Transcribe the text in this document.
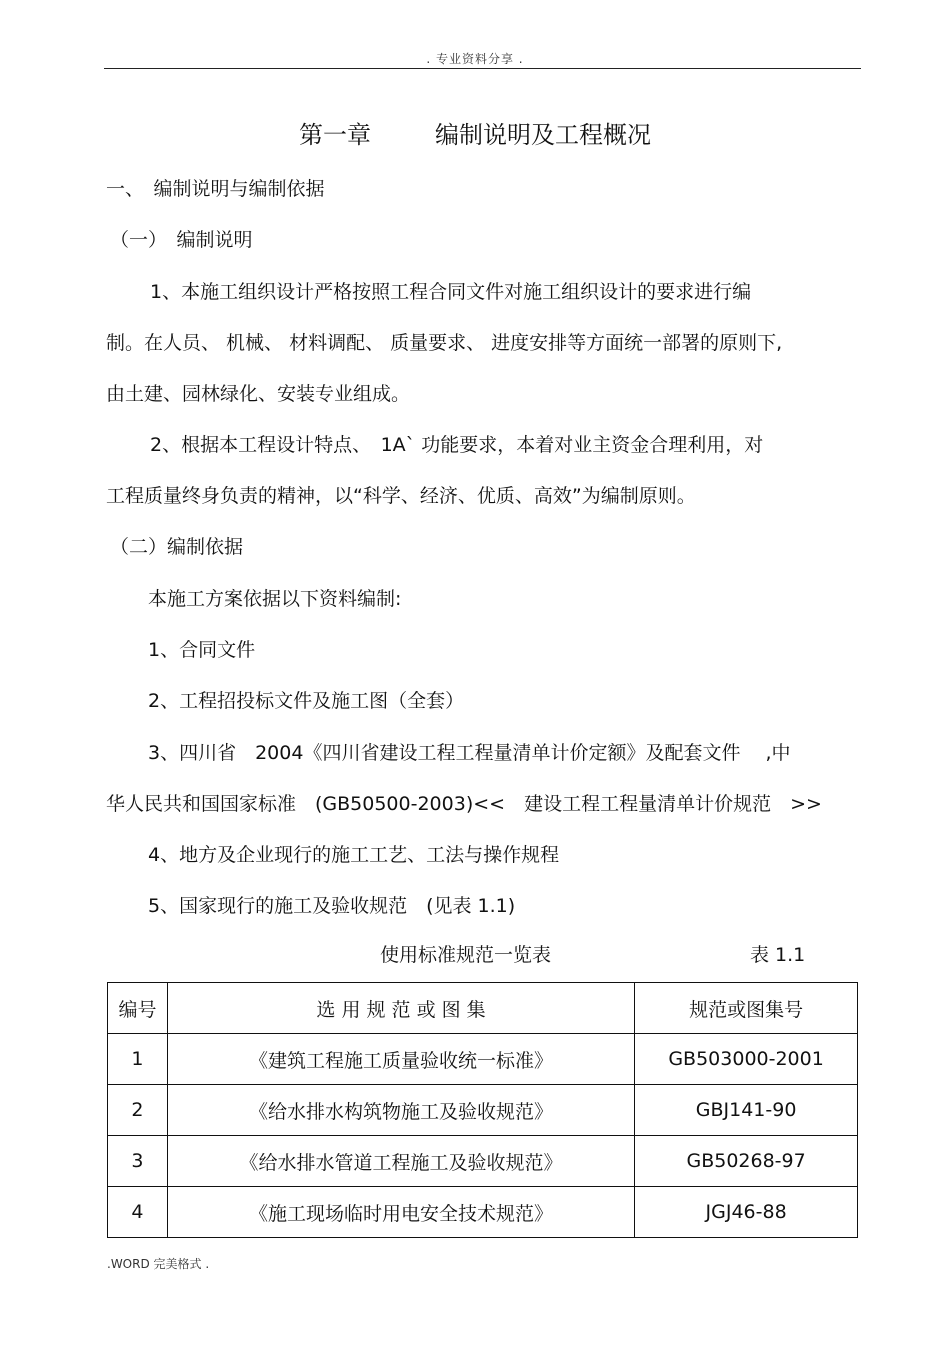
. 专业资料分享 .
第一章	编制说明及工程概况
一、　编制说明与编制依据
（一）　编制说明
1、本施工组织设计严格按照工程合同文件对施工组织设计的要求进行编
制。在人员、 机械、 材料调配、 质量要求、 进度安排等方面统一部署的原则下,
由土建、园林绿化、安装专业组成。
2、根据本工程设计特点、　1A` 功能要求，本着对业主资金合理利用，对
工程质量终身负责的精神，以“科学、经济、优质、高效”为编制原则。
（二）编制依据
本施工方案依据以下资料编制:
1、合同文件
2、工程招投标文件及施工图（全套）
3、四川省　2004《四川省建设工程工程量清单计价定额》及配套文件　 ,中
华人民共和国国家标准　(GB50500-2003)<<　建设工程工程量清单计价规范　>>
4、地方及企业现行的施工工艺、工法与操作规程
5、国家现行的施工及验收规范　(见表 1.1)
使用标准规范一览表	表 1.1
编号	选 用 规 范 或 图 集	规范或图集号
1	《建筑工程施工质量验收统一标准》	GB503000-2001
2	《给水排水构筑物施工及验收规范》	GBJ141-90
3	《给水排水管道工程施工及验收规范》	GB50268-97
4	《施工现场临时用电安全技术规范》	JGJ46-88
.WORD 完美格式 .
